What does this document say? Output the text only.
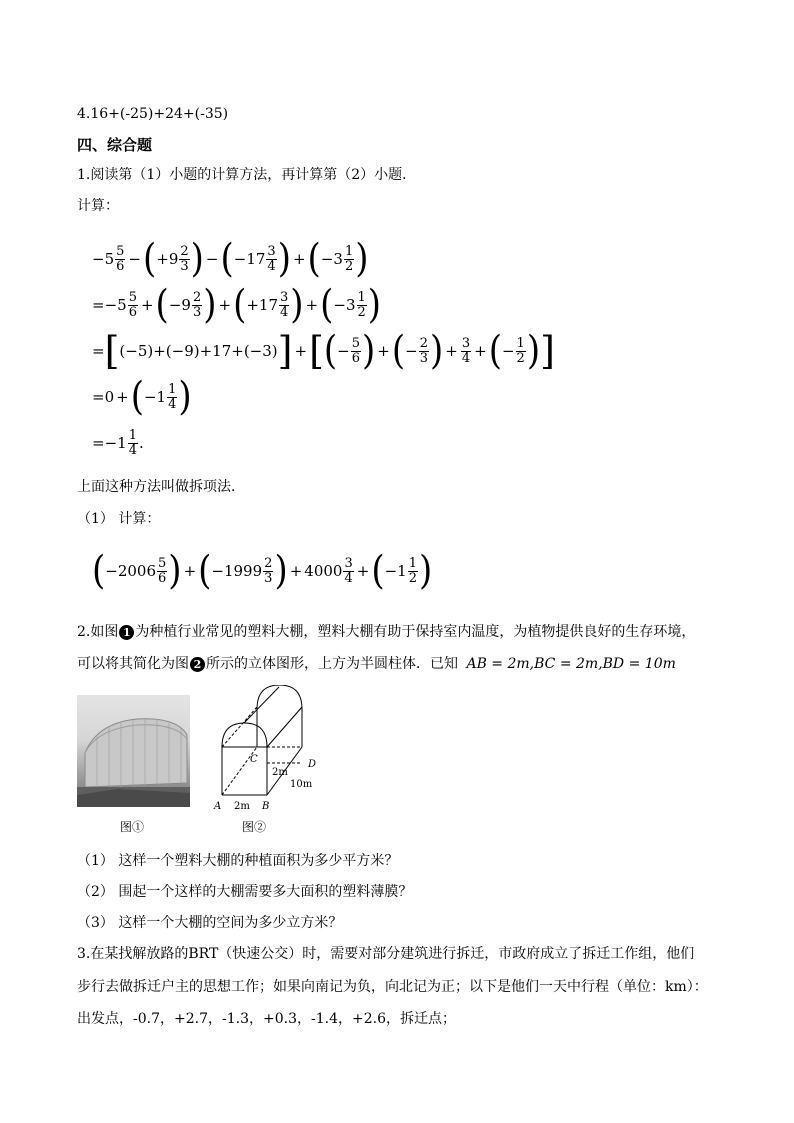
4.16+(-25)+24+(-35)
四、综合题
1.阅读第（1）小题的计算方法，再计算第（2）小题．
计算：
$-5 \frac{5}{6}$ − ( $+9 \frac{2}{3}$ ) − ( $-17 \frac{3}{4}$ ) + ( $-3 \frac{1}{2}$ )
$=-5 \frac{5}{6}$ + ( $-9 \frac{2}{3}$ ) + ( $+17 \frac{3}{4}$ ) + ( $-3 \frac{1}{2}$ )
= [ (−5)+(−9)+17+(−3) ] + [ ( − $\frac{5}{6}$ ) + ( − $\frac{2}{3}$ ) + $\frac{3}{4}$ + ( − $\frac{1}{2}$ ) ]
=0 + ( $-1 \frac{1}{4}$ )
$=-1 \frac{1}{4}$ .
上面这种方法叫做拆项法．
（1） 计算：
( $-2006 \frac{5}{6}$ ) + ( $-1999 \frac{2}{3}$ ) + $4000 \frac{3}{4}$ + ( $-1 \frac{1}{2}$ )
2.如图 1 为种植行业常见的塑料大棚，塑料大棚有助于保持室内温度，为植物提供良好的生存环境，
可以将其简化为图 2 所示的立体图形，上方为半圆柱体．已知 AB = 2m,BC = 2m,BD = 10m
图①
A	B
C	D
2m
2m
10m
图②
（1） 这样一个塑料大棚的种植面积为多少平方米？
（2） 围起一个这样的大棚需要多大面积的塑料薄膜？
（3） 这样一个大棚的空间为多少立方米？
3.在某找解放路的BRT（快速公交）时，需要对部分建筑进行拆迁，市政府成立了拆迁工作组，他们
步行去做拆迁户主的思想工作；如果向南记为负，向北记为正；以下是他们一天中行程（单位：km）：
出发点，-0.7，+2.7，-1.3，+0.3，-1.4，+2.6，拆迁点；
